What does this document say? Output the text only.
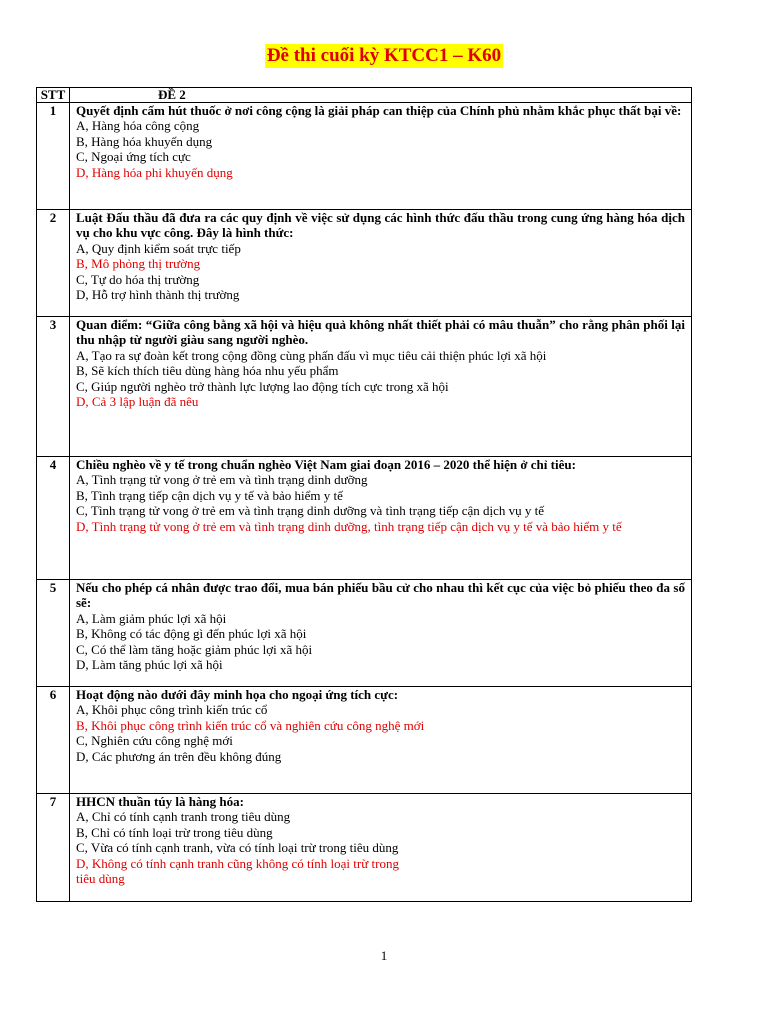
Đề thi cuối kỳ KTCC1 – K60
STT	ĐỀ 2
1	Quyết định cấm hút thuốc ở nơi công cộng là giải pháp can thiệp của Chính phủ nhằm khắc phục thất bại về:
A, Hàng hóa công cộng
B, Hàng hóa khuyến dụng
C, Ngoại ứng tích cực
D, Hàng hóa phi khuyến dụng

2	Luật Đấu thầu đã đưa ra các quy định về việc sử dụng các hình thức đấu thầu trong cung ứng hàng hóa dịch vụ cho khu vực công. Đây là hình thức:
A, Quy định kiểm soát trực tiếp
B, Mô phỏng thị trường
C, Tự do hóa thị trường
D, Hỗ trợ hình thành thị trường

3	Quan điểm: “Giữa công bằng xã hội và hiệu quả không nhất thiết phải có mâu thuẫn” cho rằng phân phối lại thu nhập từ người giàu sang người nghèo.
A, Tạo ra sự đoàn kết trong cộng đồng cùng phấn đấu vì mục tiêu cải thiện phúc lợi xã hội
B, Sẽ kích thích tiêu dùng hàng hóa nhu yếu phẩm
C, Giúp người nghèo trở thành lực lượng lao động tích cực trong xã hội
D, Cả 3 lập luận đã nêu

4	Chiều nghèo về y tế trong chuẩn nghèo Việt Nam giai đoạn 2016 – 2020 thể hiện ở chỉ tiêu:
A, Tình trạng tử vong ở trẻ em và tình trạng dinh dưỡng
B, Tình trạng tiếp cận dịch vụ y tế và bảo hiểm y tế
C, Tình trạng tử vong ở trẻ em và tình trạng dinh dưỡng và tình trạng tiếp cận dịch vụ y tế
D, Tình trạng tử vong ở trẻ em và tình trạng dinh dưỡng, tình trạng tiếp cận dịch vụ y tế và bảo hiểm y tế

5	Nếu cho phép cá nhân được trao đổi, mua bán phiếu bầu cử cho nhau thì kết cục của việc bỏ phiếu theo đa số sẽ:
A, Làm giảm phúc lợi xã hội
B, Không có tác động gì đến phúc lợi xã hội
C, Có thể làm tăng hoặc giảm phúc lợi xã hội
D, Làm tăng phúc lợi xã hội

6	Hoạt động nào dưới đây minh họa cho ngoại ứng tích cực:
A, Khôi phục công trình kiến trúc cổ
B, Khôi phục công trình kiến trúc cổ và nghiên cứu công nghệ mới
C, Nghiên cứu công nghệ mới
D, Các phương án trên đều không đúng

7	HHCN thuần túy là hàng hóa:
A, Chỉ có tính cạnh tranh trong tiêu dùng
B, Chỉ có tính loại trừ trong tiêu dùng
C, Vừa có tính cạnh tranh, vừa có tính loại trừ trong tiêu dùng
D, Không có tính cạnh tranh cũng không có tính loại trừ trong tiêu dùng
1
